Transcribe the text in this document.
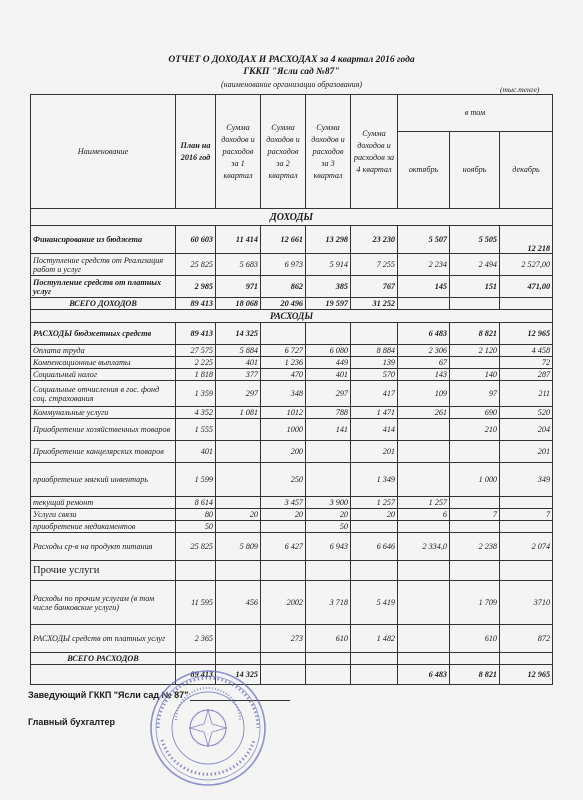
ОТЧЕТ О ДОХОДАХ И РАСХОДАХ за 4 квартал 2016 года
ГККП "Ясли сад №87"
(наименование организации образования)
(тыс.тенге)
Наименование	План на 2016 год	Сумма доходов и расходов за 1 квартал	Сумма доходов и расходов за 2 квартал	Сумма доходов и расходов за 3 квартал	Сумма доходов и расходов за 4 квартал	в том		
						октябрь	ноябрь	декабрь
ДОХОДЫ								
Финансирование из бюджета	60 603	11 414	12 661	13 298	23 230	5 507	5 505	12 218
Поступление средств от Реализация работ и услуг	25 825	5 683	6 973	5 914	7 255	2 234	2 494	2 527,00
Поступление средств от платных услуг	2 985	971	862	385	767	145	151	471,00
ВСЕГО ДОХОДОВ	89 413	18 068	20 496	19 597	31 252			
РАСХОДЫ								
РАСХОДЫ бюджетных средств	89 413	14 325				6 483	8 821	12 965
Оплата труда	27 575	5 884	6 727	6 080	8 884	2 306	2 120	4 458
Компенсационные выплаты	2 225	401	1 236	449	139	67		72
Социальный налог	1 818	377	470	401	570	143	140	287
Социальные отчисления в гос. фонд соц. страхования	1 359	297	348	297	417	109	97	211
Коммунальные услуги	4 352	1 081	1012	788	1 471	261	690	520
Приобретение хозяйственных товаров	1 555		1000	141	414		210	204
Приобретение канцелярских товаров	401		200		201			201
приобретение мягкий инвентарь	1 599		250		1 349		1 000	349
текущий ремонт	8 614		3 457	3 900	1 257	1 257		
Услуги связи	80	20	20	20	20	6	7	7
приобретение медикаментов	50			50				
Расходы ср-в на продукт питания	25 825	5 809	6 427	6 943	6 646	2 334,0	2 238	2 074
Прочие услуги								
Расходы по прочим услугам (в том числе банковские услуги)	11 595	456	2002	3 718	5 419		1 709	3710
РАСХОДЫ средств от платных услуг	2 365		273	610	1 482		610	872
ВСЕГО РАСХОДОВ								
	89 413	14 325				6 483	8 821	12 965
Заведующий ГККП "Ясли сад № 87"
Главный бухгалтер
